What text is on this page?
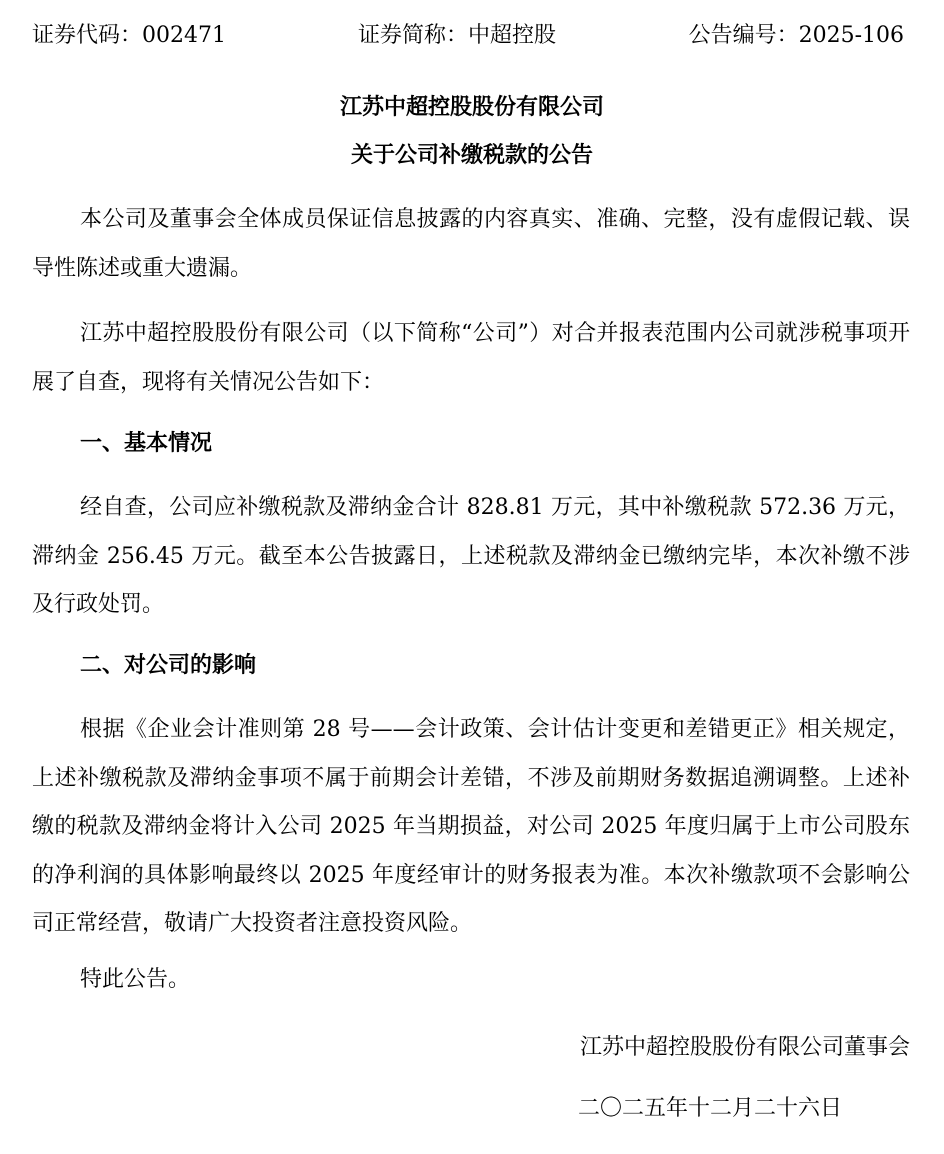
证券代码：002471	证券简称：中超控股	公告编号：2025-106
江苏中超控股股份有限公司
关于公司补缴税款的公告

本公司及董事会全体成员保证信息披露的内容真实、准确、完整，没有虚假记载、误导性陈述或重大遗漏。

江苏中超控股股份有限公司（以下简称“公司”）对合并报表范围内公司就涉税事项开展了自查，现将有关情况公告如下：

一、基本情况

经自查，公司应补缴税款及滞纳金合计 828.81 万元，其中补缴税款 572.36 万元，滞纳金 256.45 万元。截至本公告披露日，上述税款及滞纳金已缴纳完毕，本次补缴不涉及行政处罚。

二、对公司的影响

根据《企业会计准则第 28 号——会计政策、会计估计变更和差错更正》相关规定，上述补缴税款及滞纳金事项不属于前期会计差错，不涉及前期财务数据追溯调整。上述补缴的税款及滞纳金将计入公司 2025 年当期损益，对公司 2025 年度归属于上市公司股东的净利润的具体影响最终以 2025 年度经审计的财务报表为准。本次补缴款项不会影响公司正常经营，敬请广大投资者注意投资风险。

特此公告。

江苏中超控股股份有限公司董事会
二〇二五年十二月二十六日
